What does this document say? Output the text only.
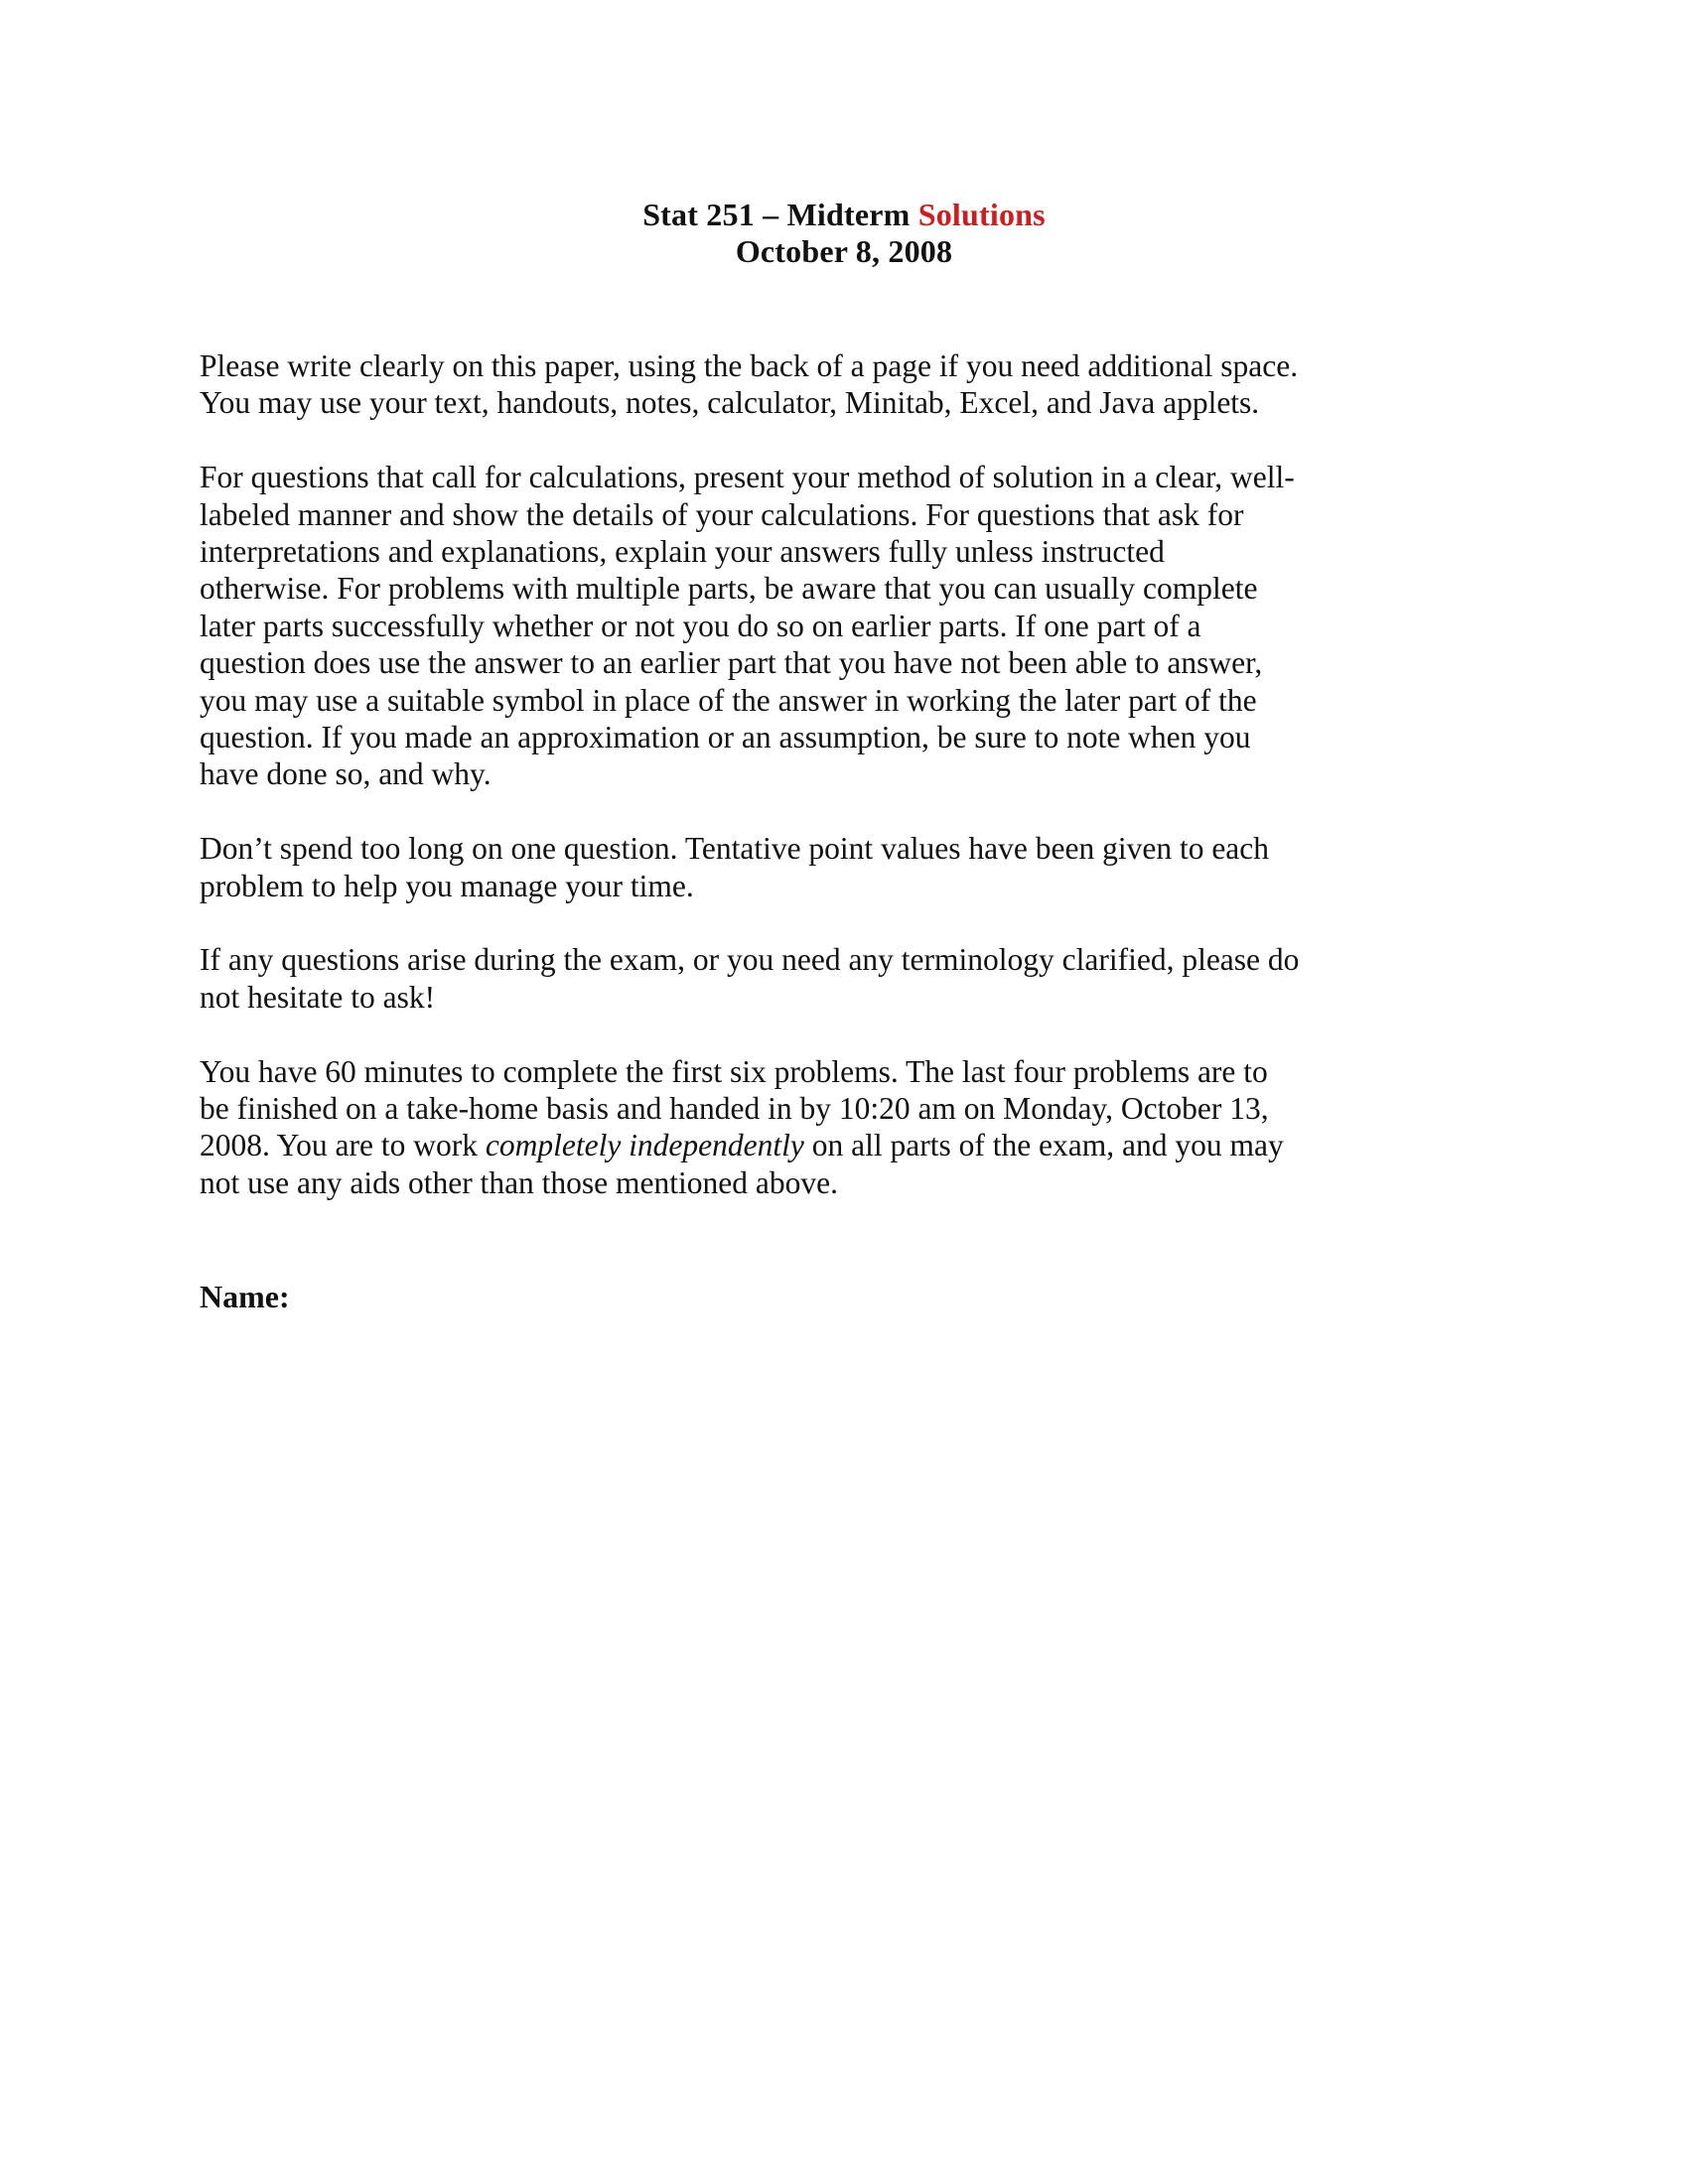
Stat 251 – Midterm Solutions
October 8, 2008

Please write clearly on this paper, using the back of a page if you need additional space.
You may use your text, handouts, notes, calculator, Minitab, Excel, and Java applets.

For questions that call for calculations, present your method of solution in a clear, well-
labeled manner and show the details of your calculations. For questions that ask for
interpretations and explanations, explain your answers fully unless instructed
otherwise. For problems with multiple parts, be aware that you can usually complete
later parts successfully whether or not you do so on earlier parts. If one part of a
question does use the answer to an earlier part that you have not been able to answer,
you may use a suitable symbol in place of the answer in working the later part of the
question. If you made an approximation or an assumption, be sure to note when you
have done so, and why.

Don’t spend too long on one question. Tentative point values have been given to each
problem to help you manage your time.

If any questions arise during the exam, or you need any terminology clarified, please do
not hesitate to ask!

You have 60 minutes to complete the first six problems. The last four problems are to
be finished on a take-home basis and handed in by 10:20 am on Monday, October 13,
2008. You are to work completely independently on all parts of the exam, and you may
not use any aids other than those mentioned above.

Name:
